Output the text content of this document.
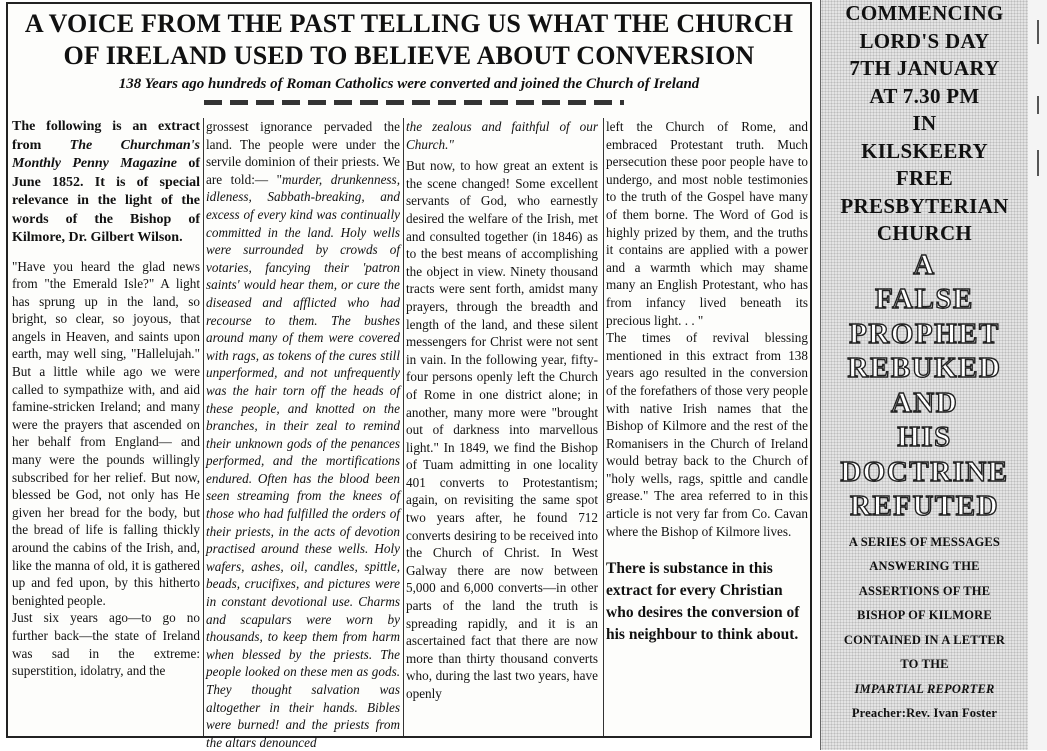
A VOICE FROM THE PAST TELLING US WHAT THE CHURCH
OF IRELAND USED TO BELIEVE ABOUT CONVERSION
138 Years ago hundreds of Roman Catholics were converted and joined the Church of Ireland

The following is an extract from The Churchman's Monthly Penny Magazine of June 1852. It is of special relevance in the light of the words of the Bishop of Kilmore, Dr. Gilbert Wilson.

"Have you heard the glad news from "the Emerald Isle?" A light has sprung up in the land, so bright, so clear, so joyous, that angels in Heaven, and saints upon earth, may well sing, "Hallelujah." But a little while ago we were called to sympathize with, and aid famine-stricken Ireland; and many were the prayers that ascended on her behalf from England— and many were the pounds willingly subscribed for her relief. But now, blessed be God, not only has He given her bread for the body, but the bread of life is falling thickly around the cabins of the Irish, and, like the manna of old, it is gathered up and fed upon, by this hitherto benighted people.

Just six years ago—to go no further back—the state of Ireland was sad in the extreme: superstition, idolatry, and the

grossest ignorance pervaded the land. The people were under the servile dominion of their priests. We are told:— "murder, drunkenness, idleness, Sabbath-breaking, and excess of every kind was continually committed in the land. Holy wells were surrounded by crowds of votaries, fancying their 'patron saints' would hear them, or cure the diseased and afflicted who had recourse to them. The bushes around many of them were covered with rags, as tokens of the cures still unperformed, and not unfrequently was the hair torn off the heads of these people, and knotted on the branches, in their zeal to remind their unknown gods of the penances performed, and the mortifications endured. Often has the blood been seen streaming from the knees of those who had fulfilled the orders of their priests, in the acts of devotion practised around these wells. Holy wafers, ashes, oil, candles, spittle, beads, crucifixes, and pictures were in constant devotional use. Charms and scapulars were worn by thousands, to keep them from harm when blessed by the priests. The people looked on these men as gods. They thought salvation was altogether in their hands. Bibles were burned! and the priests from the altars denounced

the zealous and faithful of our Church."

But now, to how great an extent is the scene changed! Some excellent servants of God, who earnestly desired the welfare of the Irish, met and consulted together (in 1846) as to the best means of accomplishing the object in view. Ninety thousand tracts were sent forth, amidst many prayers, through the breadth and length of the land, and these silent messengers for Christ were not sent in vain. In the following year, fifty-four persons openly left the Church of Rome in one district alone; in another, many more were "brought out of darkness into marvellous light." In 1849, we find the Bishop of Tuam admitting in one locality 401 converts to Protestantism; again, on revisiting the same spot two years after, he found 712 converts desiring to be received into the Church of Christ. In West Galway there are now between 5,000 and 6,000 converts—in other parts of the land the truth is spreading rapidly, and it is an ascertained fact that there are now more than thirty thousand converts who, during the last two years, have openly

left the Church of Rome, and embraced Protestant truth. Much persecution these poor people have to undergo, and most noble testimonies to the truth of the Gospel have many of them borne. The Word of God is highly prized by them, and the truths it contains are applied with a power and a warmth which may shame many an English Protestant, who has from infancy lived beneath its precious light. . . "

The times of revival blessing mentioned in this extract from 138 years ago resulted in the conversion of the forefathers of those very people with native Irish names that the Bishop of Kilmore and the rest of the Romanisers in the Church of Ireland would betray back to the Church of "holy wells, rags, spittle and candle grease." The area referred to in this article is not very far from Co. Cavan where the Bishop of Kilmore lives.

There is substance in this extract for every Christian who desires the conversion of his neighbour to think about.

COMMENCING
LORD'S DAY
7TH JANUARY
AT 7.30 PM
IN
KILSKEERY
FREE
PRESBYTERIAN
CHURCH
A
FALSE
PROPHET
REBUKED
AND
HIS
DOCTRINE
REFUTED
A SERIES OF MESSAGES
ANSWERING THE
ASSERTIONS OF THE
BISHOP OF KILMORE
CONTAINED IN A LETTER
TO THE
IMPARTIAL REPORTER
Preacher:Rev. Ivan Foster
